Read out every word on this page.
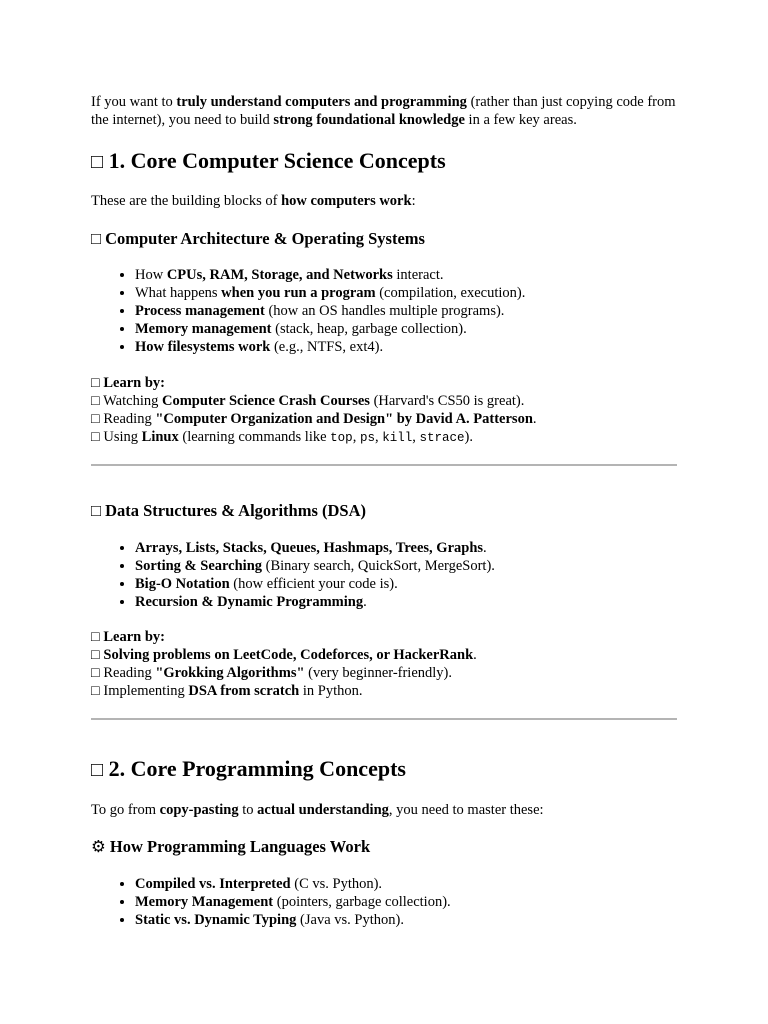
If you want to truly understand computers and programming (rather than just copying code from the internet), you need to build strong foundational knowledge in a few key areas.

□ 1. Core Computer Science Concepts

These are the building blocks of how computers work:

□ Computer Architecture & Operating Systems
• How CPUs, RAM, Storage, and Networks interact.
• What happens when you run a program (compilation, execution).
• Process management (how an OS handles multiple programs).
• Memory management (stack, heap, garbage collection).
• How filesystems work (e.g., NTFS, ext4).
□ Learn by:
□ Watching Computer Science Crash Courses (Harvard's CS50 is great).
□ Reading "Computer Organization and Design" by David A. Patterson.
□ Using Linux (learning commands like top, ps, kill, strace).
□ Data Structures & Algorithms (DSA)
• Arrays, Lists, Stacks, Queues, Hashmaps, Trees, Graphs.
• Sorting & Searching (Binary search, QuickSort, MergeSort).
• Big-O Notation (how efficient your code is).
• Recursion & Dynamic Programming.
□ Learn by:
□ Solving problems on LeetCode, Codeforces, or HackerRank.
□ Reading "Grokking Algorithms" (very beginner-friendly).
□ Implementing DSA from scratch in Python.
□ 2. Core Programming Concepts

To go from copy-pasting to actual understanding, you need to master these:

⚙ How Programming Languages Work
• Compiled vs. Interpreted (C vs. Python).
• Memory Management (pointers, garbage collection).
• Static vs. Dynamic Typing (Java vs. Python).
